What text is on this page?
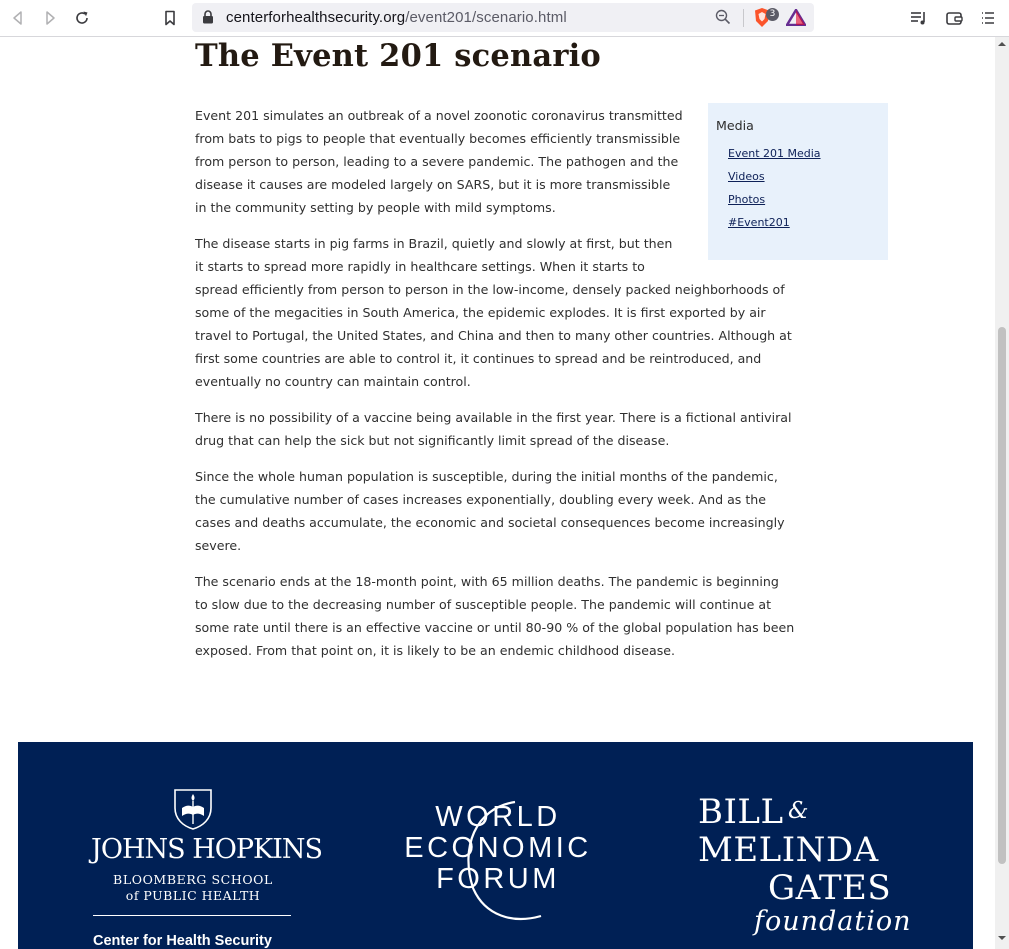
centerforhealthsecurity.org/event201/scenario.html	3
The Event 201 scenario
Media
Event 201 Media
Videos
Photos
#Event201

Event 201 simulates an outbreak of a novel zoonotic coronavirus transmitted from bats to pigs to people that eventually becomes efficiently transmissible from person to person, leading to a severe pandemic. The pathogen and the disease it causes are modeled largely on SARS, but it is more transmissible in the community setting by people with mild symptoms.

The disease starts in pig farms in Brazil, quietly and slowly at first, but then it starts to spread more rapidly in healthcare settings. When it starts to spread efficiently from person to person in the low-income, densely packed neighborhoods of some of the megacities in South America, the epidemic explodes. It is first exported by air travel to Portugal, the United States, and China and then to many other countries. Although at first some countries are able to control it, it continues to spread and be reintroduced, and eventually no country can maintain control.

There is no possibility of a vaccine being available in the first year. There is a fictional antiviral drug that can help the sick but not significantly limit spread of the disease.

Since the whole human population is susceptible, during the initial months of the pandemic, the cumulative number of cases increases exponentially, doubling every week. And as the cases and deaths accumulate, the economic and societal consequences become increasingly severe.

The scenario ends at the 18-month point, with 65 million deaths. The pandemic is beginning to slow due to the decreasing number of susceptible people. The pandemic will continue at some rate until there is an effective vaccine or until 80-90 % of the global population has been exposed. From that point on, it is likely to be an endemic childhood disease.

JOHNS HOPKINS
BLOOMBERG SCHOOL
of PUBLIC HEALTH
Center for Health Security
WORLD
ECONOMIC
FORUM
BILL &
MELINDA
GATES
foundation
